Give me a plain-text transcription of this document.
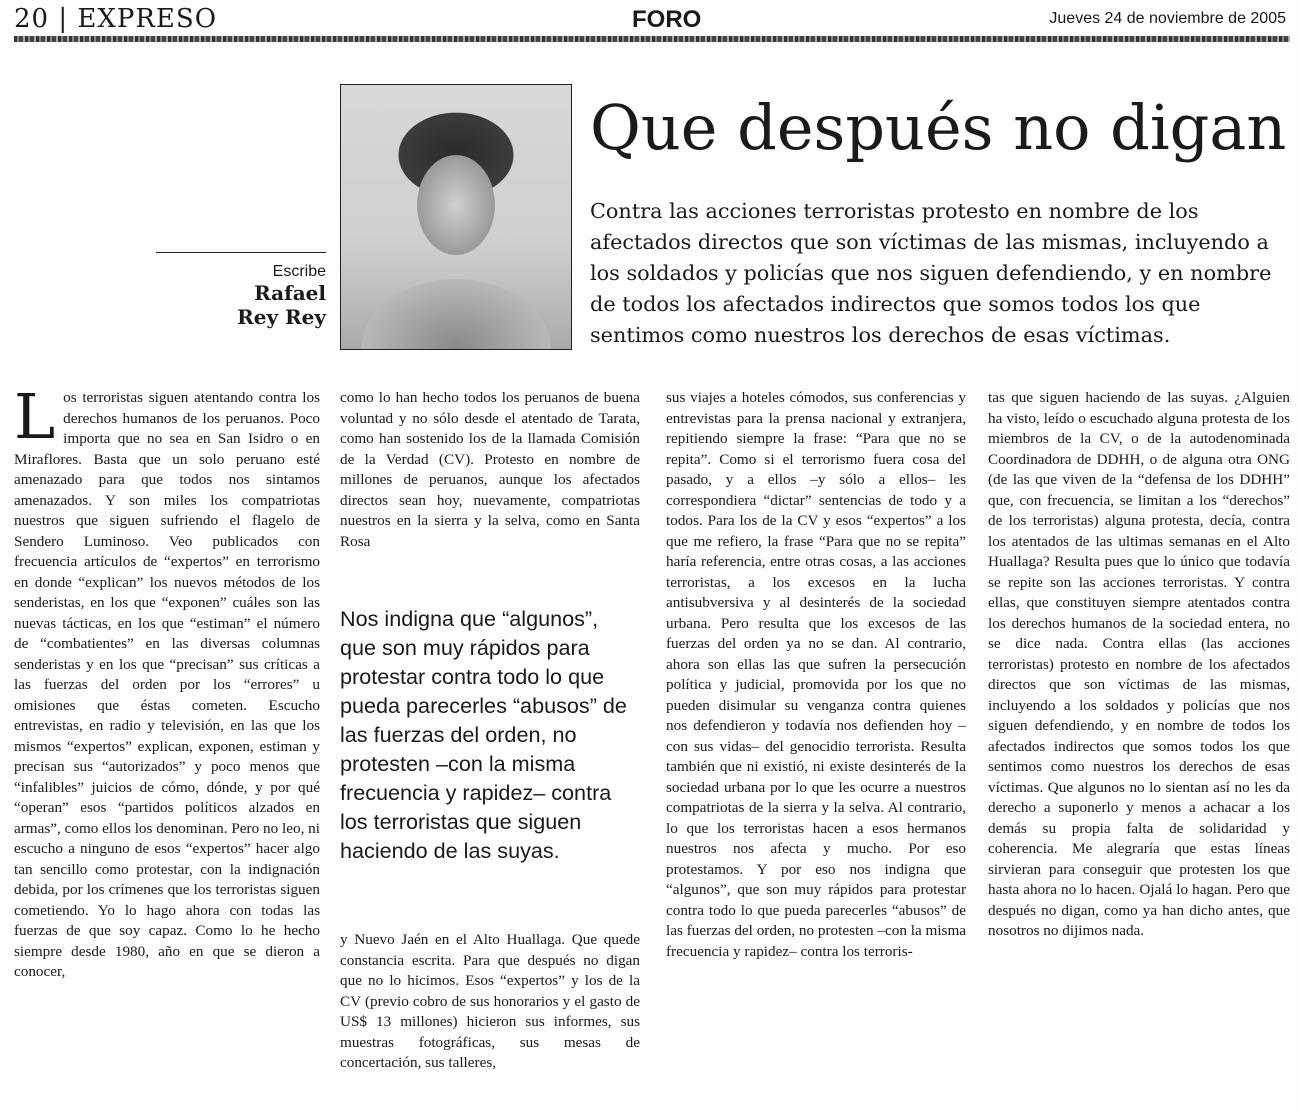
20 | EXPRESO	FORO	Jueves 24 de noviembre de 2005
Escribe
Rafael
Rey Rey
Que después no digan
Contra las acciones terroristas protesto en nombre de los afectados directos que son víctimas de las mismas, incluyendo a los soldados y policías que nos siguen defendiendo, y en nombre de todos los afectados indirectos que somos todos los que sentimos como nuestros los derechos de esas víctimas.
L os terroristas siguen atentando contra los derechos humanos de los peruanos. Poco importa que no sea en San Isidro o en Miraflores. Basta que un solo peruano esté amenazado para que todos nos sintamos amenazados. Y son miles los compatriotas nuestros que siguen sufriendo el flagelo de Sendero Luminoso. Veo publicados con frecuencia artículos de “expertos” en terrorismo en donde “explican” los nuevos métodos de los senderistas, en los que “exponen” cuáles son las nuevas tácticas, en los que “estiman” el número de “combatientes” en las diversas columnas senderistas y en los que “precisan” sus críticas a las fuerzas del orden por los “errores” u omisiones que éstas cometen. Escucho entrevistas, en radio y televisión, en las que los mismos “expertos” explican, exponen, estiman y precisan sus “autorizados” y poco menos que “infalibles” juicios de cómo, dónde, y por qué “operan” esos “partidos políticos alzados en armas”, como ellos los denominan. Pero no leo, ni escucho a ninguno de esos “expertos” hacer algo tan sencillo como protestar, con la indignación debida, por los crímenes que los terroristas siguen cometiendo. Yo lo hago ahora con todas las fuerzas de que soy capaz. Como lo he hecho siempre desde 1980, año en que se dieron a conocer,
como lo han hecho todos los peruanos de buena voluntad y no sólo desde el atentado de Tarata, como han sostenido los de la llamada Comisión de la Verdad (CV). Protesto en nombre de millones de peruanos, aunque los afectados directos sean hoy, nuevamente, compatriotas nuestros en la sierra y la selva, como en Santa Rosa
Nos indigna que “algunos”, que son muy rápidos para protestar contra todo lo que pueda parecerles “abusos” de las fuerzas del orden, no protesten –con la misma frecuencia y rapidez– contra los terroristas que siguen haciendo de las suyas.
y Nuevo Jaén en el Alto Huallaga. Que quede constancia escrita. Para que después no digan que no lo hicimos. Esos “expertos” y los de la CV (previo cobro de sus honorarios y el gasto de US$ 13 millones) hicieron sus informes, sus muestras fotográficas, sus mesas de concertación, sus talleres,
sus viajes a hoteles cómodos, sus conferencias y entrevistas para la prensa nacional y extranjera, repitiendo siempre la frase: “Para que no se repita”. Como si el terrorismo fuera cosa del pasado, y a ellos –y sólo a ellos– les correspondiera “dictar” sentencias de todo y a todos. Para los de la CV y esos “expertos” a los que me refiero, la frase “Para que no se repita” haría referencia, entre otras cosas, a las acciones terroristas, a los excesos en la lucha antisubversiva y al desinterés de la sociedad urbana. Pero resulta que los excesos de las fuerzas del orden ya no se dan. Al contrario, ahora son ellas las que sufren la persecución política y judicial, promovida por los que no pueden disimular su venganza contra quienes nos defendieron y todavía nos defienden hoy –con sus vidas– del genocidio terrorista. Resulta también que ni existió, ni existe desinterés de la sociedad urbana por lo que les ocurre a nuestros compatriotas de la sierra y la selva. Al contrario, lo que los terroristas hacen a esos hermanos nuestros nos afecta y mucho. Por eso protestamos. Y por eso nos indigna que “algunos”, que son muy rápidos para protestar contra todo lo que pueda parecerles “abusos” de las fuerzas del orden, no protesten –con la misma frecuencia y rapidez– contra los terroris-
tas que siguen haciendo de las suyas. ¿Alguien ha visto, leído o escuchado alguna protesta de los miembros de la CV, o de la autodenominada Coordinadora de DDHH, o de alguna otra ONG (de las que viven de la “defensa de los DDHH” que, con frecuencia, se limitan a los “derechos” de los terroristas) alguna protesta, decía, contra los atentados de las ultimas semanas en el Alto Huallaga? Resulta pues que lo único que todavía se repite son las acciones terroristas. Y contra ellas, que constituyen siempre atentados contra los derechos humanos de la sociedad entera, no se dice nada. Contra ellas (las acciones terroristas) protesto en nombre de los afectados directos que son víctimas de las mismas, incluyendo a los soldados y policías que nos siguen defendiendo, y en nombre de todos los afectados indirectos que somos todos los que sentimos como nuestros los derechos de esas víctimas. Que algunos no lo sientan así no les da derecho a suponerlo y menos a achacar a los demás su propia falta de solidaridad y coherencia. Me alegraría que estas líneas sirvieran para conseguir que protesten los que hasta ahora no lo hacen. Ojalá lo hagan. Pero que después no digan, como ya han dicho antes, que nosotros no dijimos nada.
